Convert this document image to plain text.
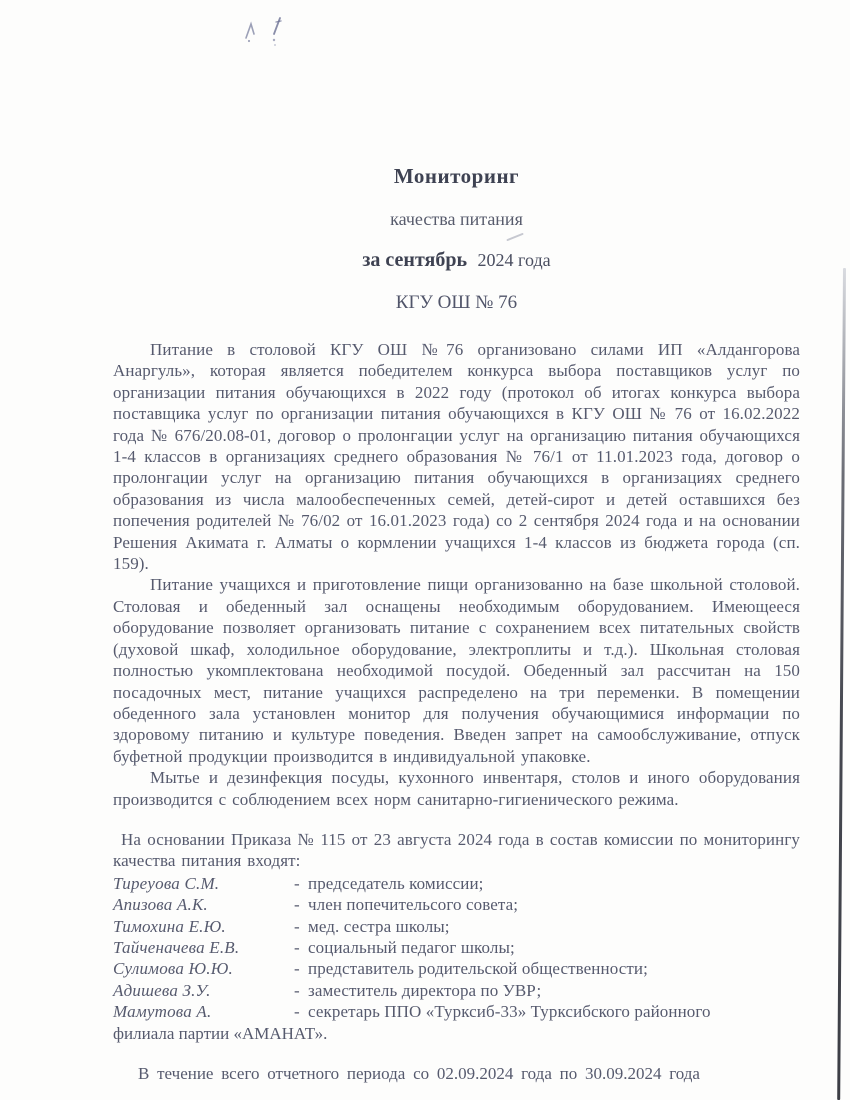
Мониторинг
качества питания
за сентябрь 2024 года
КГУ ОШ № 76

Питание в столовой КГУ ОШ №76 организовано силами ИП «Алдангорова Анаргуль», которая является победителем конкурса выбора поставщиков услуг по организации питания обучающихся в 2022 году (протокол об итогах конкурса выбора поставщика услуг по организации питания обучающихся в КГУ ОШ № 76 от 16.02.2022 года № 676/20.08-01, договор о пролонгации услуг на организацию питания обучающихся 1-4 классов в организациях среднего образования № 76/1 от 11.01.2023 года, договор о пролонгации услуг на организацию питания обучающихся в организациях среднего образования из числа малообеспеченных семей, детей-сирот и детей оставшихся без попечения родителей № 76/02 от 16.01.2023 года) со 2 сентября 2024 года и на основании Решения Акимата г. Алматы о кормлении учащихся 1-4 классов из бюджета города (сп. 159).

Питание учащихся и приготовление пищи организованно на базе школьной столовой. Столовая и обеденный зал оснащены необходимым оборудованием. Имеющееся оборудование позволяет организовать питание с сохранением всех питательных свойств (духовой шкаф, холодильное оборудование, электроплиты и т.д.). Школьная столовая полностью укомплектована необходимой посудой. Обеденный зал рассчитан на 150 посадочных мест, питание учащихся распределено на три переменки. В помещении обеденного зала установлен монитор для получения обучающимися информации по здоровому питанию и культуре поведения. Введен запрет на самообслуживание, отпуск буфетной продукции производится в индивидуальной упаковке.

Мытье и дезинфекция посуды, кухонного инвентаря, столов и иного оборудования производится с соблюдением всех норм санитарно-гигиенического режима.

На основании Приказа № 115 от 23 августа 2024 года в состав комиссии по мониторингу качества питания входят:

Тиреуова С.М.	- председатель комиссии;
Апизова А.К.	- член попечительсого совета;
Тимохина Е.Ю.	- мед. сестра школы;
Тайченачева Е.В.	- социальный педагог школы;
Сулимова Ю.Ю.	- представитель родительской общественности;
Адишева З.У.	- заместитель директора по УВР;
Мамутова А.	- секретарь ППО «Турксиб-33» Турксибского районного
филиала партии «АМАНАТ».

В течение всего отчетного периода со 02.09.2024 года по 30.09.2024 года
